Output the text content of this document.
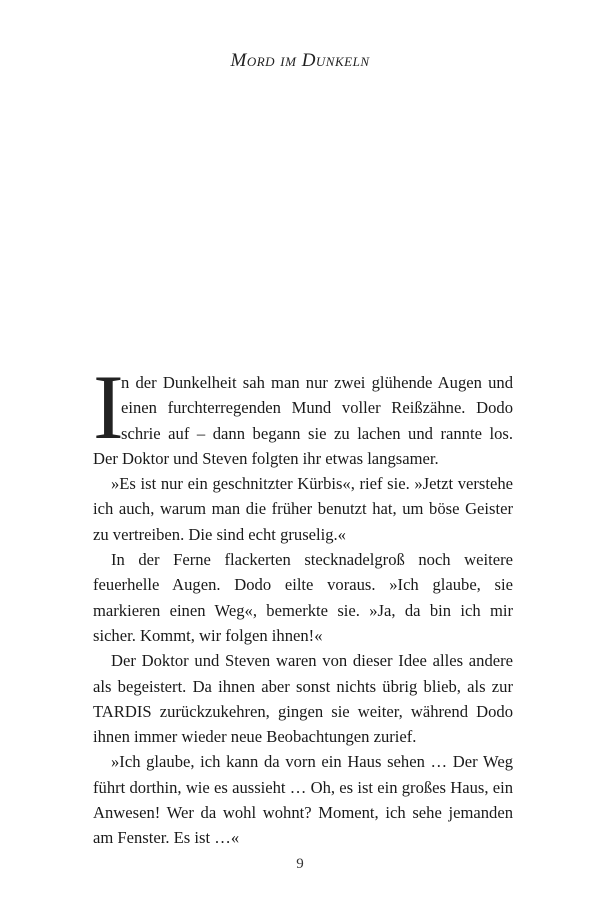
Mord im Dunkeln
I
n der Dunkelheit sah man nur zwei glühende Augen und
einen furchterregenden Mund voller Reißzähne. Dodo
schrie auf – dann begann sie zu lachen und rannte los.

Der Doktor und Steven folgten ihr etwas langsamer.

»Es ist nur ein geschnitzter Kürbis«, rief sie. »Jetzt verstehe ich auch, warum man die früher benutzt hat, um böse Geister zu vertreiben. Die sind echt gruselig.«

In der Ferne flackerten stecknadelgroß noch weitere feuerhelle Augen. Dodo eilte voraus. »Ich glaube, sie markieren einen Weg«, bemerkte sie. »Ja, da bin ich mir sicher. Kommt, wir folgen ihnen!«

Der Doktor und Steven waren von dieser Idee alles andere als begeistert. Da ihnen aber sonst nichts übrig blieb, als zur TARDIS zurückzukehren, gingen sie weiter, während Dodo ihnen immer wieder neue Beobachtungen zurief.

»Ich glaube, ich kann da vorn ein Haus sehen … Der Weg führt dorthin, wie es aussieht … Oh, es ist ein großes Haus, ein Anwesen! Wer da wohl wohnt? Moment, ich sehe jemanden am Fenster. Es ist …«

9
